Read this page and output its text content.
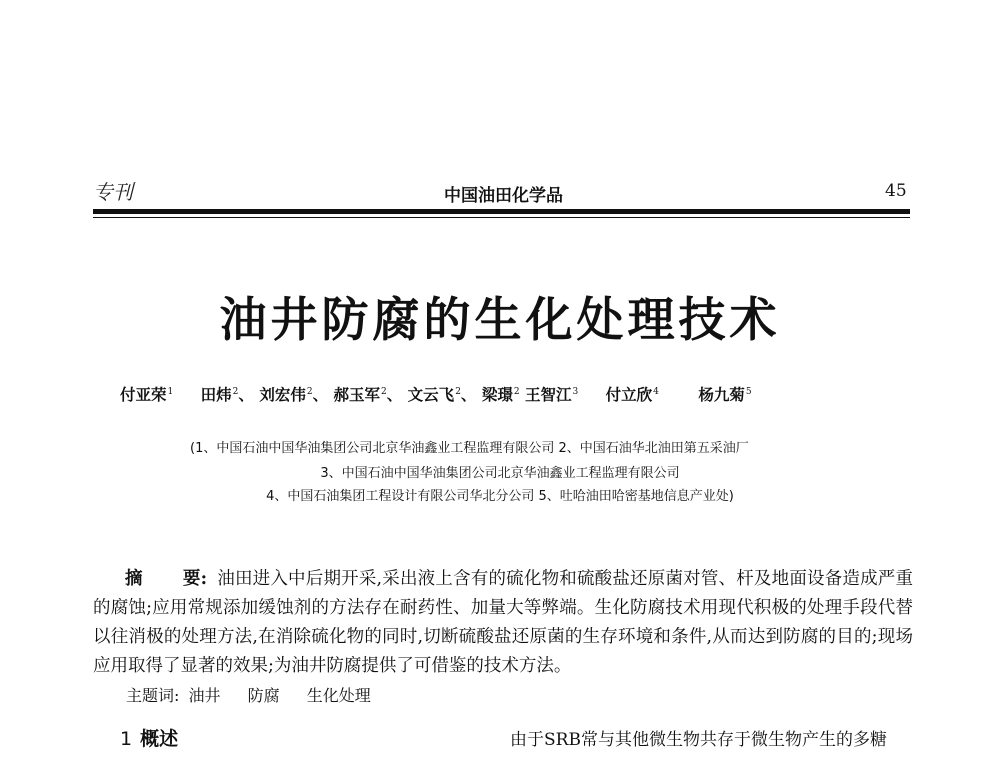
专刊	中国油田化学品	45
油井防腐的生化处理技术
付亚荣$^1$ 田炜$^2$、 刘宏伟$^2$、 郝玉军$^2$、 文云飞$^2$、 梁璟$^2$ 王智江$^3$ 付立欣$^4$	杨九菊$^5$
(1、中国石油中国华油集团公司北京华油鑫业工程监理有限公司 2、中国石油华北油田第五采油厂
3、中国石油中国华油集团公司北京华油鑫业工程监理有限公司
4、中国石油集团工程设计有限公司华北分公司 5、吐哈油田哈密基地信息产业处)
摘 要: 油田进入中后期开采,采出液上含有的硫化物和硫酸盐还原菌对管、杆及地面设备造成严重的腐蚀;应用常规添加缓蚀剂的方法存在耐药性、加量大等弊端。生化防腐技术用现代积极的处理手段代替以往消极的处理方法,在消除硫化物的同时,切断硫酸盐还原菌的生存环境和条件,从而达到防腐的目的;现场应用取得了显著的效果;为油井防腐提供了可借鉴的技术方法。
主题词: 油井 防腐 生化处理
1 概述	由于SRB常与其他微生物共存于微生物产生的多糖
